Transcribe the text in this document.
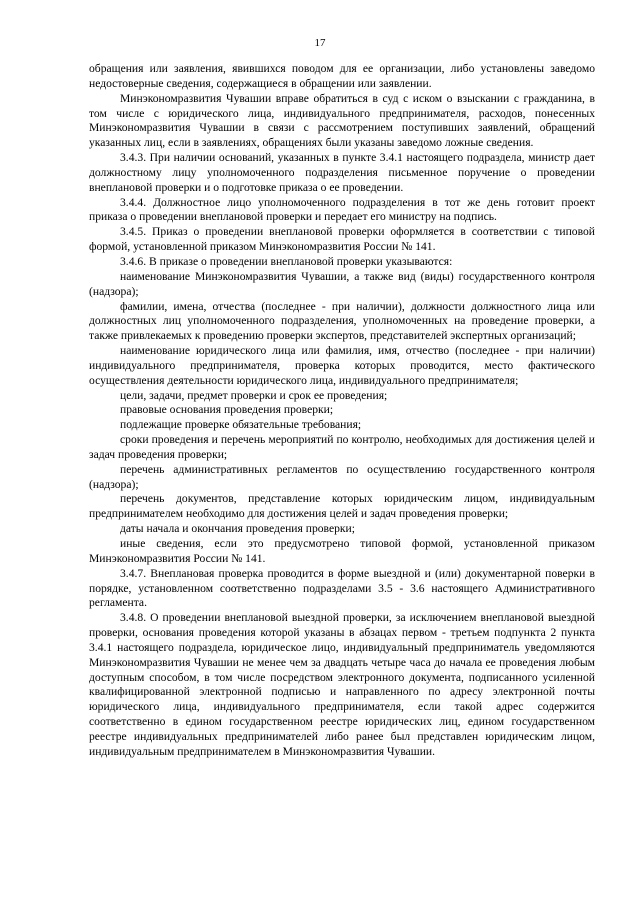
17

обращения или заявления, явившихся поводом для ее организации, либо установлены заведомо недостоверные сведения, содержащиеся в обращении или заявлении.

Минэкономразвития Чувашии вправе обратиться в суд с иском о взыскании с гражданина, в том числе с юридического лица, индивидуального предпринимателя, расходов, понесенных Минэкономразвития Чувашии в связи с рассмотрением поступивших заявлений, обращений указанных лиц, если в заявлениях, обращениях были указаны заведомо ложные сведения.

3.4.3. При наличии оснований, указанных в пункте 3.4.1 настоящего подраздела, министр дает должностному лицу уполномоченного подразделения письменное поручение о проведении внеплановой проверки и о подготовке приказа о ее проведении.

3.4.4. Должностное лицо уполномоченного подразделения в тот же день готовит проект приказа о проведении внеплановой проверки и передает его министру на подпись.

3.4.5. Приказ о проведении внеплановой проверки оформляется в соответствии с типовой формой, установленной приказом Минэкономразвития России № 141.

3.4.6. В приказе о проведении внеплановой проверки указываются:

наименование Минэкономразвития Чувашии, а также вид (виды) государственного контроля (надзора);

фамилии, имена, отчества (последнее - при наличии), должности должностного лица или должностных лиц уполномоченного подразделения, уполномоченных на проведение проверки, а также привлекаемых к проведению проверки экспертов, представителей экспертных организаций;

наименование юридического лица или фамилия, имя, отчество (последнее - при наличии) индивидуального предпринимателя, проверка которых проводится, место фактического осуществления деятельности юридического лица, индивидуального предпринимателя;

цели, задачи, предмет проверки и срок ее проведения;

правовые основания проведения проверки;

подлежащие проверке обязательные требования;

сроки проведения и перечень мероприятий по контролю, необходимых для достижения целей и задач проведения проверки;

перечень административных регламентов по осуществлению государственного контроля (надзора);

перечень документов, представление которых юридическим лицом, индивидуальным предпринимателем необходимо для достижения целей и задач проведения проверки;

даты начала и окончания проведения проверки;

иные сведения, если это предусмотрено типовой формой, установленной приказом Минэкономразвития России № 141.

3.4.7. Внеплановая проверка проводится в форме выездной и (или) документарной поверки в порядке, установленном соответственно подразделами 3.5 - 3.6 настоящего Административного регламента.

3.4.8. О проведении внеплановой выездной проверки, за исключением внеплановой выездной проверки, основания проведения которой указаны в абзацах первом - третьем подпункта 2 пункта 3.4.1 настоящего подраздела, юридическое лицо, индивидуальный предприниматель уведомляются Минэкономразвития Чувашии не менее чем за двадцать четыре часа до начала ее проведения любым доступным способом, в том числе посредством электронного документа, подписанного усиленной квалифицированной электронной подписью и направленного по адресу электронной почты юридического лица, индивидуального предпринимателя, если такой адрес содержится соответственно в едином государственном реестре юридических лиц, едином государственном реестре индивидуальных предпринимателей либо ранее был представлен юридическим лицом, индивидуальным предпринимателем в Минэкономразвития Чувашии.
